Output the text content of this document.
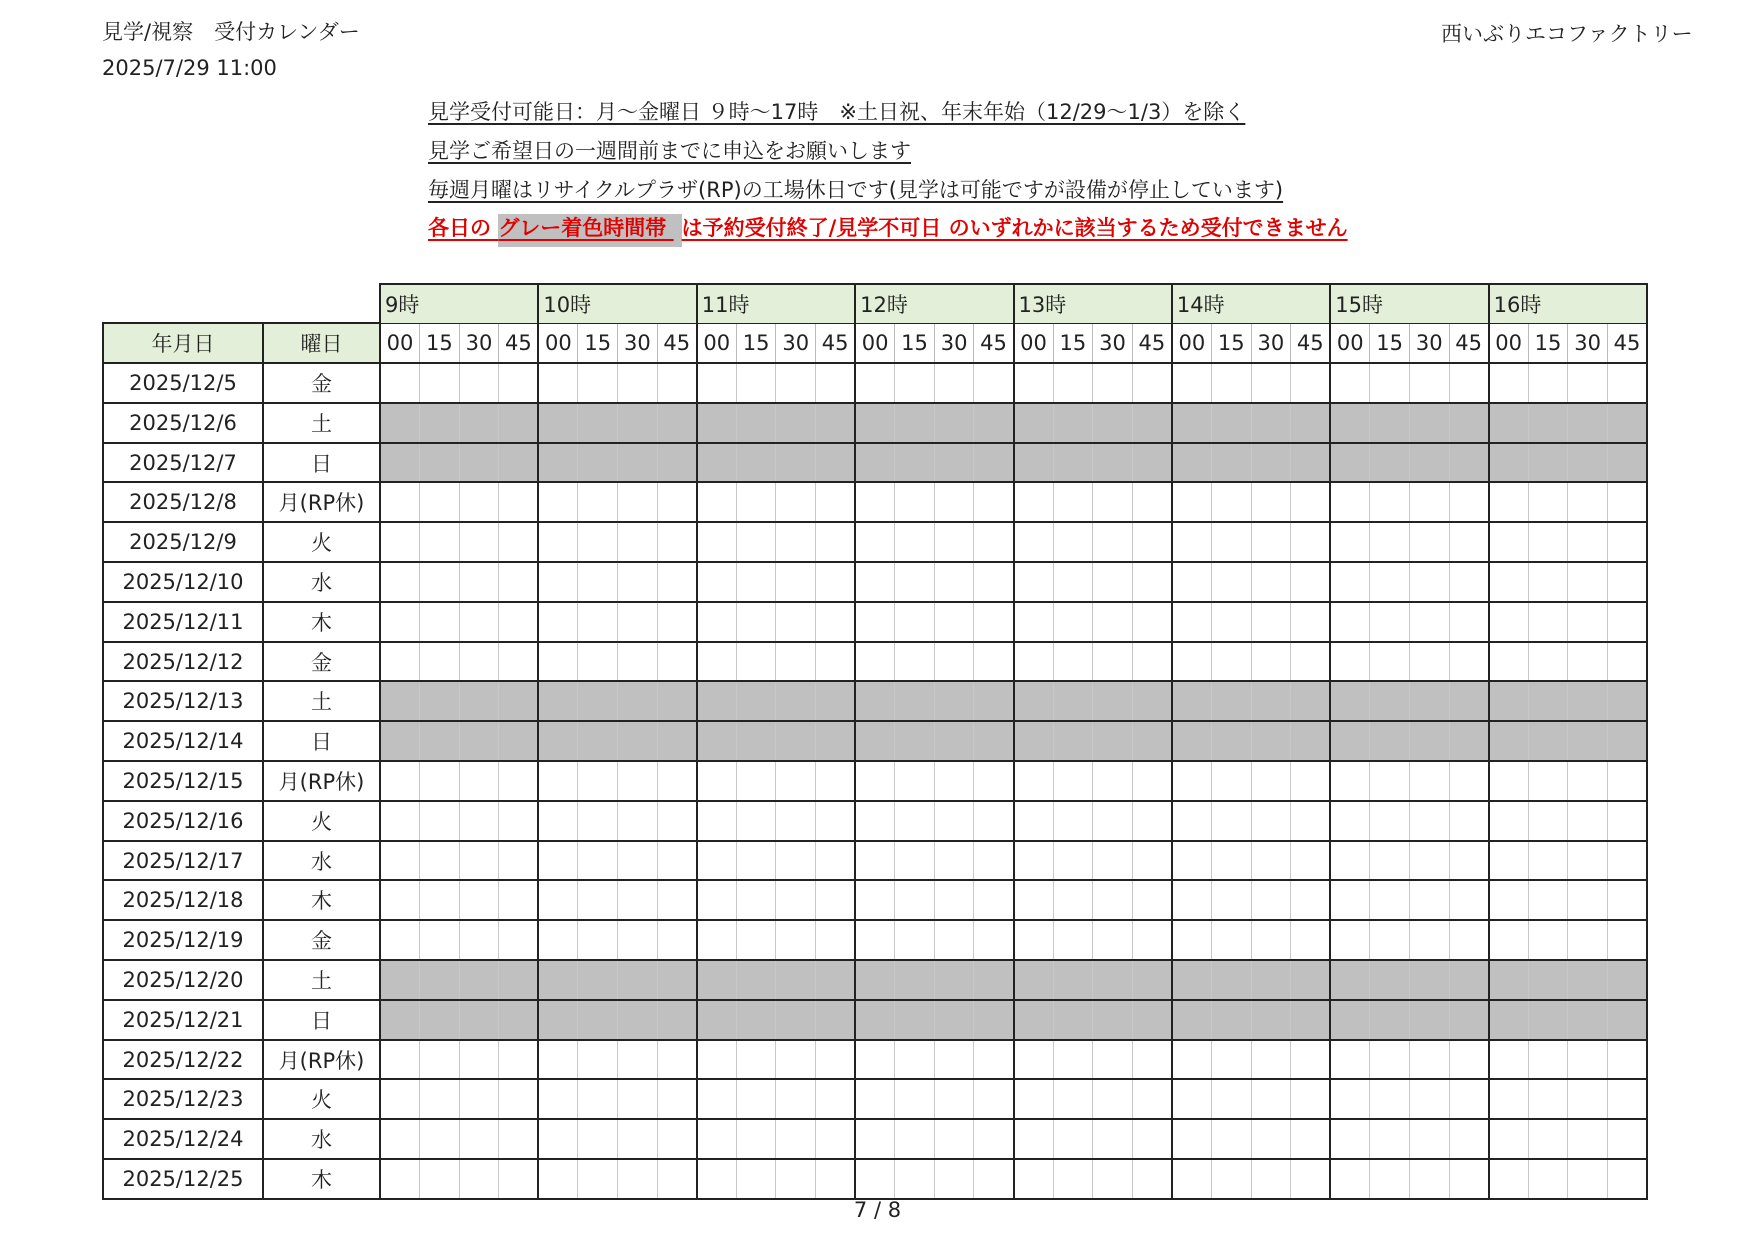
見学/視察　受付カレンダー
2025/7/29 11:00
西いぶりエコファクトリー
見学受付可能日：月～金曜日 ９時～17時　※土日祝、年末年始（12/29～1/3）を除く
見学ご希望日の一週間前までに申込をお願いします
毎週月曜はリサイクルプラザ(RP)の工場休日です(見学は可能ですが設備が停止しています)
各日の グレー着色時間帯 は予約受付終了/見学不可日 のいずれかに該当するため受付できません
		9時				10時				11時				12時				13時				14時				15時				16時			
年月日	曜日	00	15	30	45	00	15	30	45	00	15	30	45	00	15	30	45	00	15	30	45	00	15	30	45	00	15	30	45	00	15	30	45
2025/12/5	金																																
2025/12/6	土																																
2025/12/7	日																																
2025/12/8	月(RP休)																																
2025/12/9	火																																
2025/12/10	水																																
2025/12/11	木																																
2025/12/12	金																																
2025/12/13	土																																
2025/12/14	日																																
2025/12/15	月(RP休)																																
2025/12/16	火																																
2025/12/17	水																																
2025/12/18	木																																
2025/12/19	金																																
2025/12/20	土																																
2025/12/21	日																																
2025/12/22	月(RP休)																																
2025/12/23	火																																
2025/12/24	水																																
2025/12/25	木																																
7 / 8
